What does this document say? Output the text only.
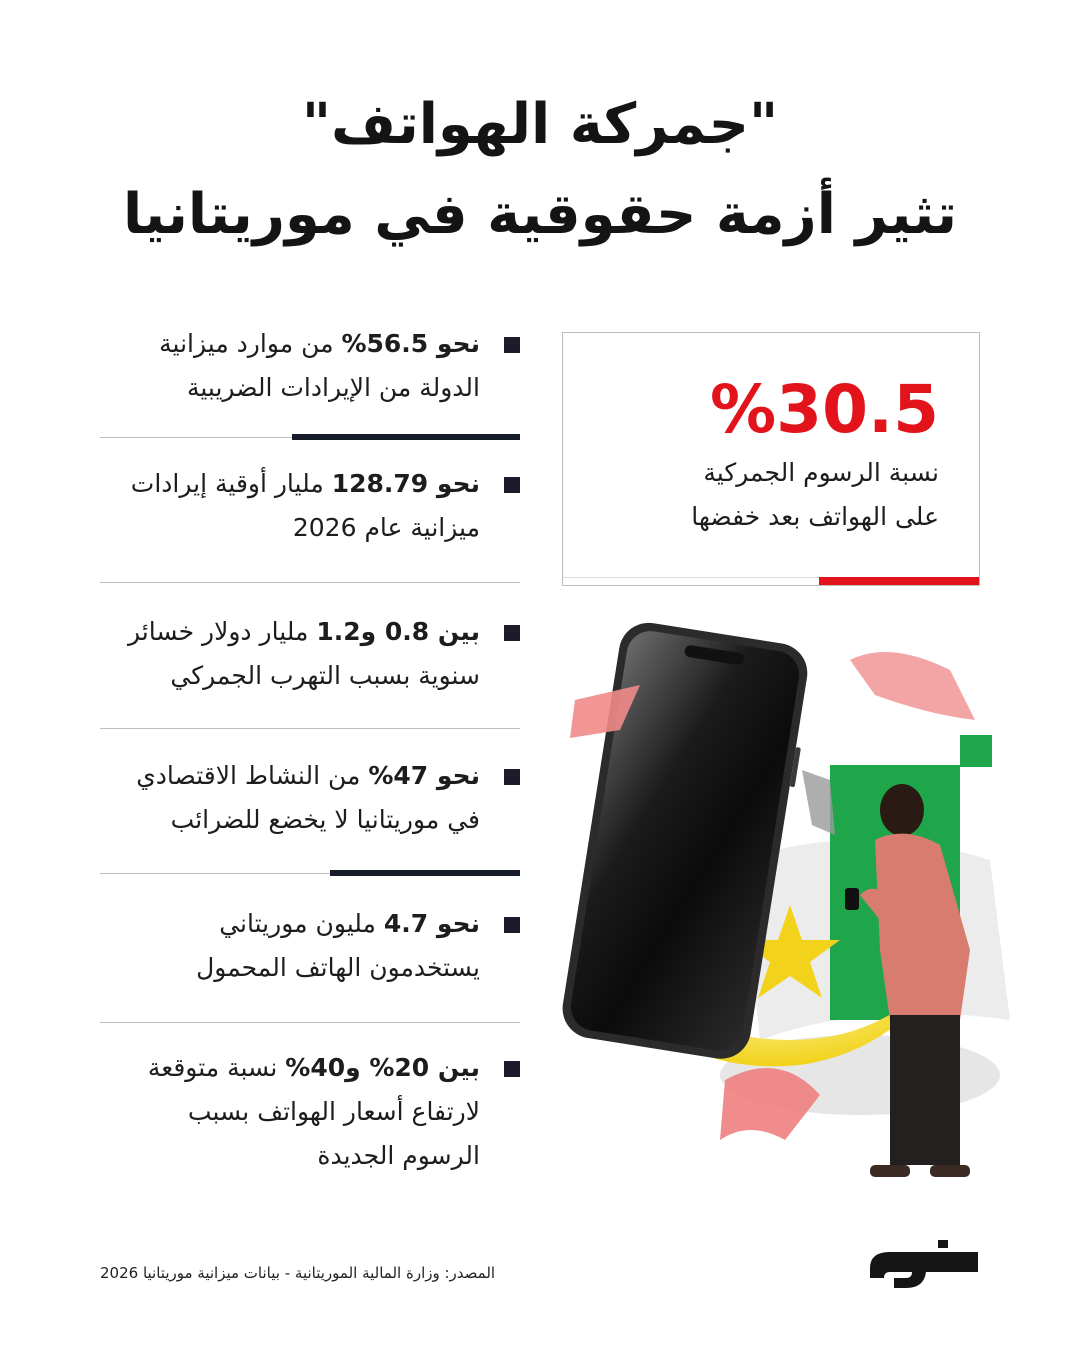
"جمركة الهواتف"
تثير أزمة حقوقية في موريتانيا
نحو 56.5% من موارد ميزانية
الدولة من الإيرادات الضريبية
نحو 128.79 مليار أوقية إيرادات
ميزانية عام 2026
بين 0.8 و1.2 مليار دولار خسائر
سنوية بسبب التهرب الجمركي
نحو 47% من النشاط الاقتصادي
في موريتانيا لا يخضع للضرائب
نحو 4.7 مليون موريتاني
يستخدمون الهاتف المحمول
بين 20% و40% نسبة متوقعة
لارتفاع أسعار الهواتف بسبب
الرسوم الجديدة
%30.5
نسبة الرسوم الجمركية
على الهواتف بعد خفضها
المصدر: وزارة المالية الموريتانية - بيانات ميزانية موريتانيا 2026
